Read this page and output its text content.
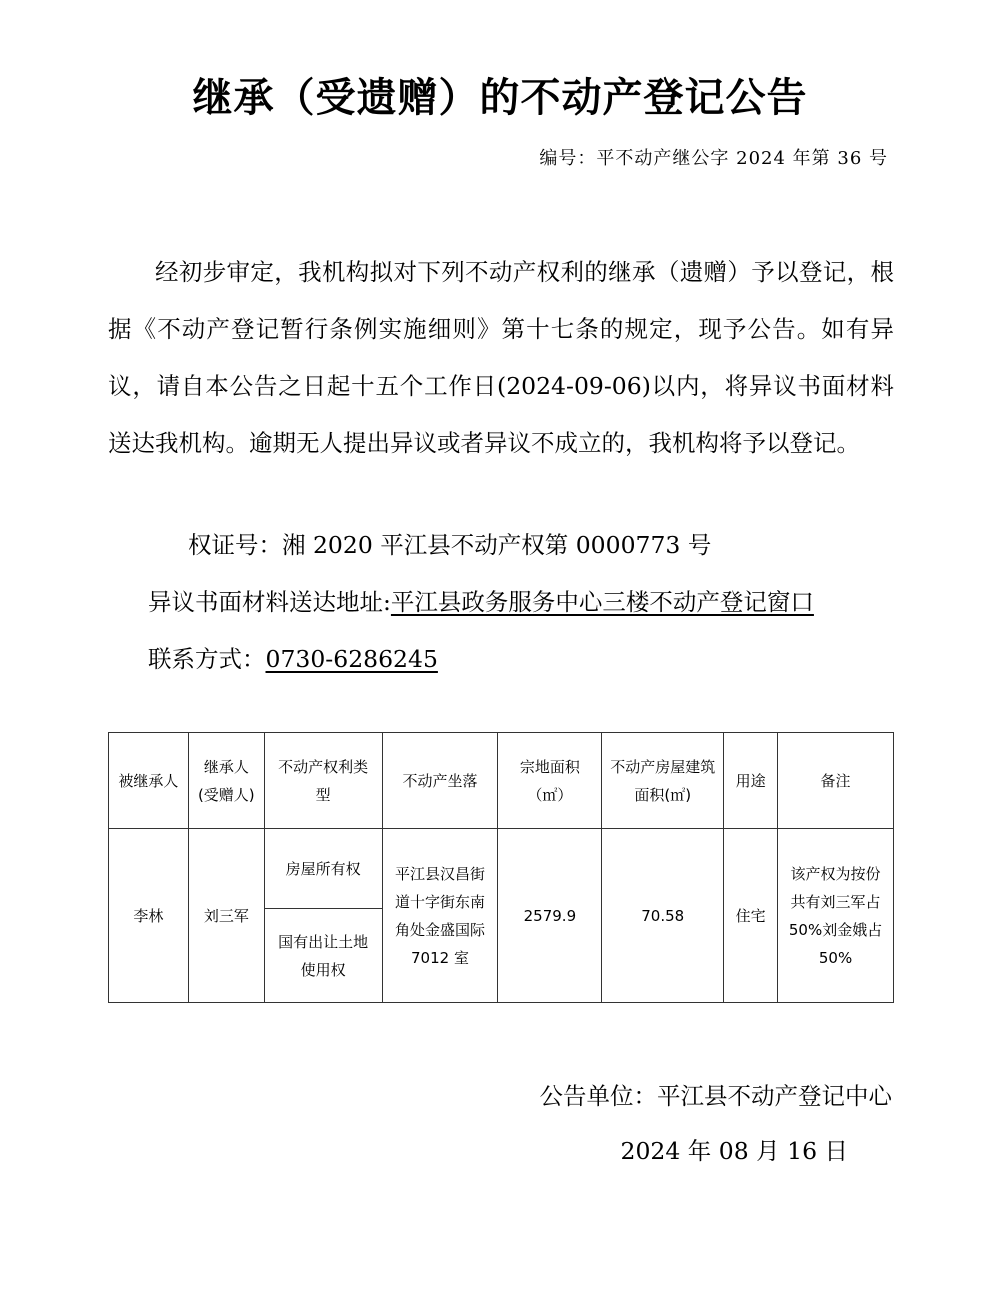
继承（受遗赠）的不动产登记公告
编号：平不动产继公字 2024 年第 36 号

经初步审定，我机构拟对下列不动产权利的继承（遗赠）予以登记，根据《不动产登记暂行条例实施细则》第十七条的规定，现予公告。如有异议，请自本公告之日起十五个工作日(2024-09-06)以内，将异议书面材料送达我机构。逾期无人提出异议或者异议不成立的，我机构将予以登记。

权证号：湘 2020 平江县不动产权第 0000773 号
异议书面材料送达地址:平江县政务服务中心三楼不动产登记窗口
联系方式：0730-6286245
被继承人	继承人(受赠人)	不动产权利类　型	不动产坐落	宗地面积（㎡）	不动产房屋建筑面积(㎡)	用途	备注
李林	刘三军	房屋所有权	平江县汉昌街道十字街东南角处金盛国际 7012 室	2579.9	70.58	住宅	该产权为按份共有刘三军占 50%刘金娥占 50%
		国有出让土地使用权					
公告单位：平江县不动产登记中心
2024 年 08 月 16 日
